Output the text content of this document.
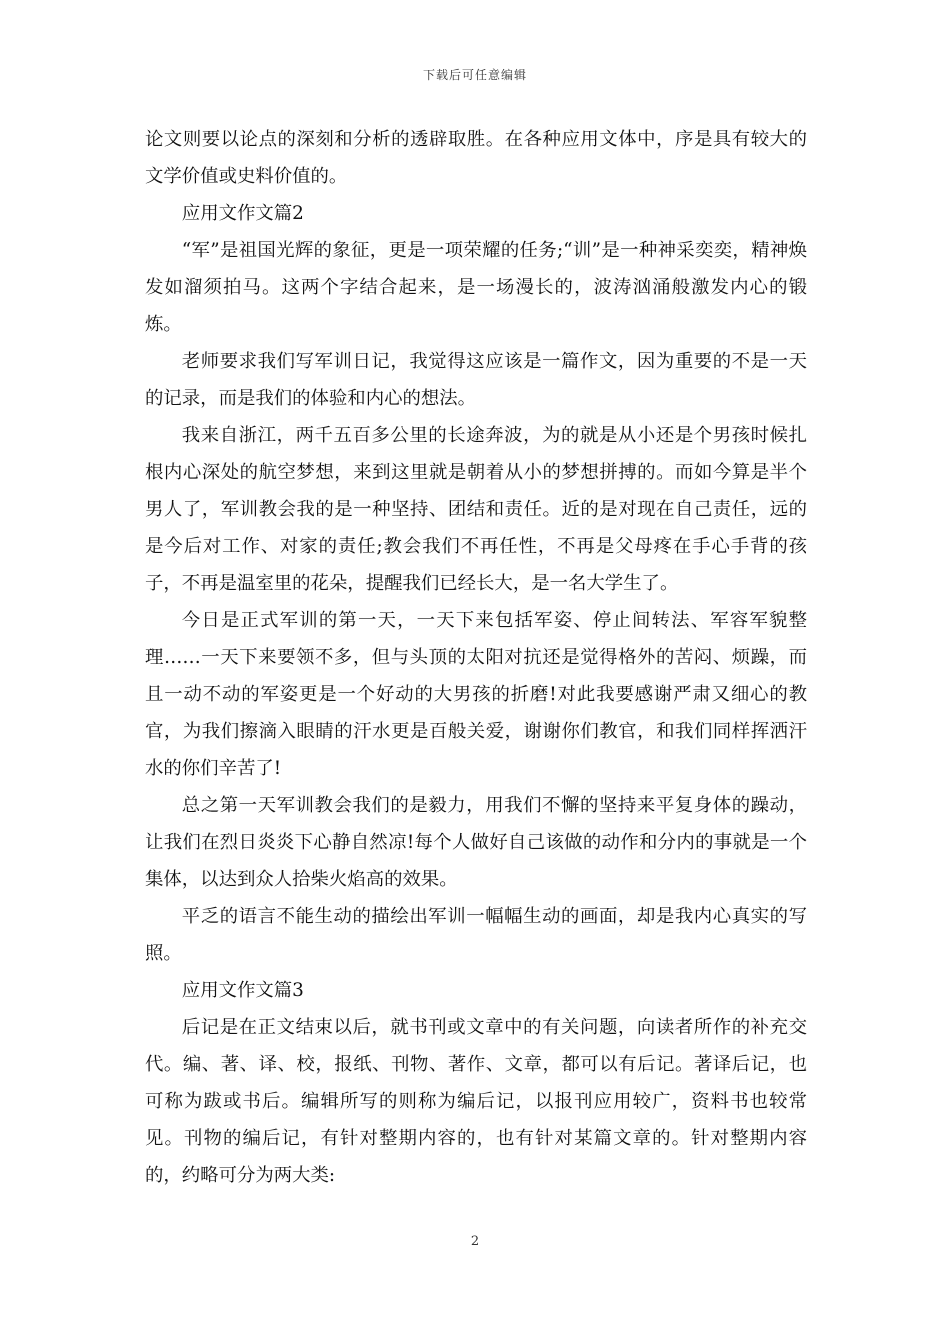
下载后可任意编辑

论文则要以论点的深刻和分析的透辟取胜。在各种应用文体中，序是具有较大的文学价值或史料价值的。

应用文作文篇2

“军”是祖国光辉的象征，更是一项荣耀的任务;“训”是一种神采奕奕，精神焕发如溜须拍马。这两个字结合起来，是一场漫长的，波涛汹涌般激发内心的锻炼。

老师要求我们写军训日记，我觉得这应该是一篇作文，因为重要的不是一天的记录，而是我们的体验和内心的想法。

我来自浙江，两千五百多公里的长途奔波，为的就是从小还是个男孩时候扎根内心深处的航空梦想，来到这里就是朝着从小的梦想拼搏的。而如今算是半个男人了，军训教会我的是一种坚持、团结和责任。近的是对现在自己责任，远的是今后对工作、对家的责任;教会我们不再任性，不再是父母疼在手心手背的孩子，不再是温室里的花朵，提醒我们已经长大，是一名大学生了。

今日是正式军训的第一天，一天下来包括军姿、停止间转法、军容军貌整理……一天下来要领不多，但与头顶的太阳对抗还是觉得格外的苦闷、烦躁，而且一动不动的军姿更是一个好动的大男孩的折磨!对此我要感谢严肃又细心的教官，为我们擦滴入眼睛的汗水更是百般关爱，谢谢你们教官，和我们同样挥洒汗水的你们辛苦了!

总之第一天军训教会我们的是毅力，用我们不懈的坚持来平复身体的躁动，让我们在烈日炎炎下心静自然凉!每个人做好自己该做的动作和分内的事就是一个集体，以达到众人拾柴火焰高的效果。

平乏的语言不能生动的描绘出军训一幅幅生动的画面，却是我内心真实的写照。

应用文作文篇3

后记是在正文结束以后，就书刊或文章中的有关问题，向读者所作的补充交代。编、著、译、校，报纸、刊物、著作、文章，都可以有后记。著译后记，也可称为跋或书后。编辑所写的则称为编后记，以报刊应用较广，资料书也较常见。刊物的编后记，有针对整期内容的，也有针对某篇文章的。针对整期内容的，约略可分为两大类:

2
